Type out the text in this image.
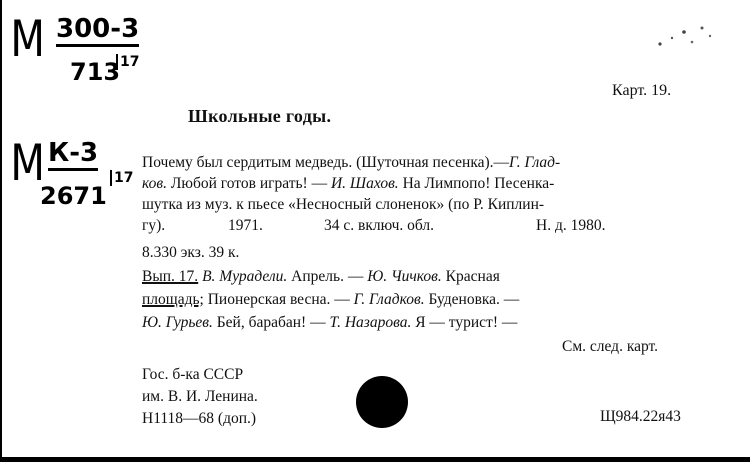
М 300-3
713 17
М К-3
2671
17
Карт. 19.
Школьные годы.
Почему был сердитым медведь. (Шуточная песенка).—Г. Глад-
ков. Любой готов играть! — И. Шахов. На Лимпопо! Песенка-
шутка из муз. к пьесе «Несносный слоненок» (по Р. Киплин-
гу).	1971.	34 с. включ. обл.	Н. д. 1980.
8.330 экз. 39 к.
Вып. 17. В. Мурадели. Апрель. — Ю. Чичков. Красная
площадь; Пионерская весна. — Г. Гладков. Буденовка. —
Ю. Гурьев. Бей, барабан! — Т. Назарова. Я — турист! —
См. след. карт.
Гос. б-ка СССР
им. В. И. Ленина.
Н1118—68 (доп.)	Щ984.22я43
